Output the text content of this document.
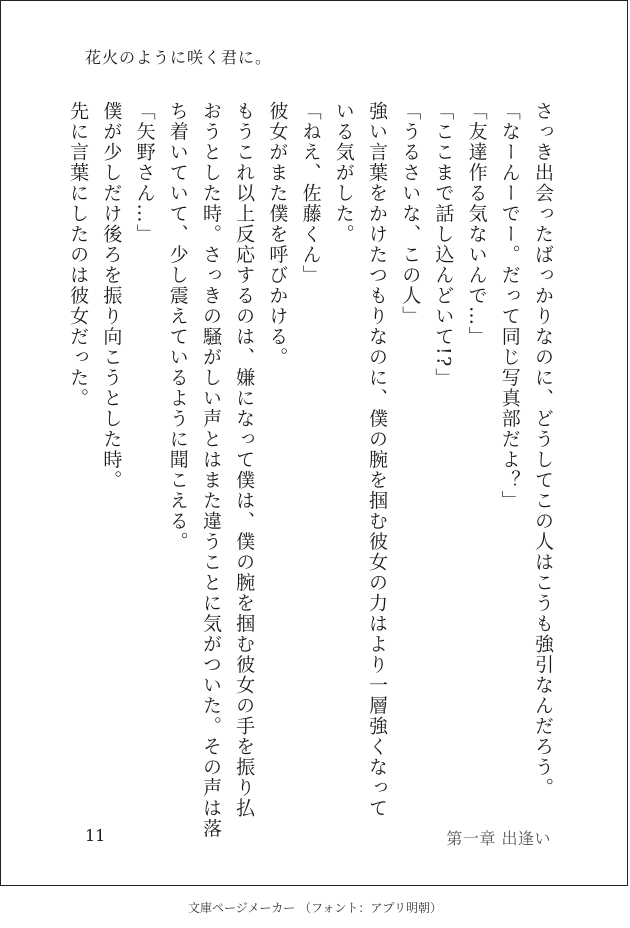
花火のように咲く君に。
さっき出会ったばっかりなのに、どうしてこの人はこうも強引なんだろう。
「なーんーでー。だって同じ写真部だよ？」
「友達作る気ないんで…」
「ここまで話し込んどいて!?」
「うるさいな、この人」
強い言葉をかけたつもりなのに、僕の腕を掴む彼女の力はより一層強くなって
いる気がした。
「ねえ、佐藤くん」
彼女がまた僕を呼びかける。
もうこれ以上反応するのは、嫌になって僕は、僕の腕を掴む彼女の手を振り払
おうとした時。さっきの騒がしい声とはまた違うことに気がついた。その声は落
ち着いていて、少し震えているように聞こえる。
「矢野さん…」
僕が少しだけ後ろを振り向こうとした時。
先に言葉にしたのは彼女だった。
11	第一章 出逢い
文庫ページメーカー （フォント：アプリ明朝）
